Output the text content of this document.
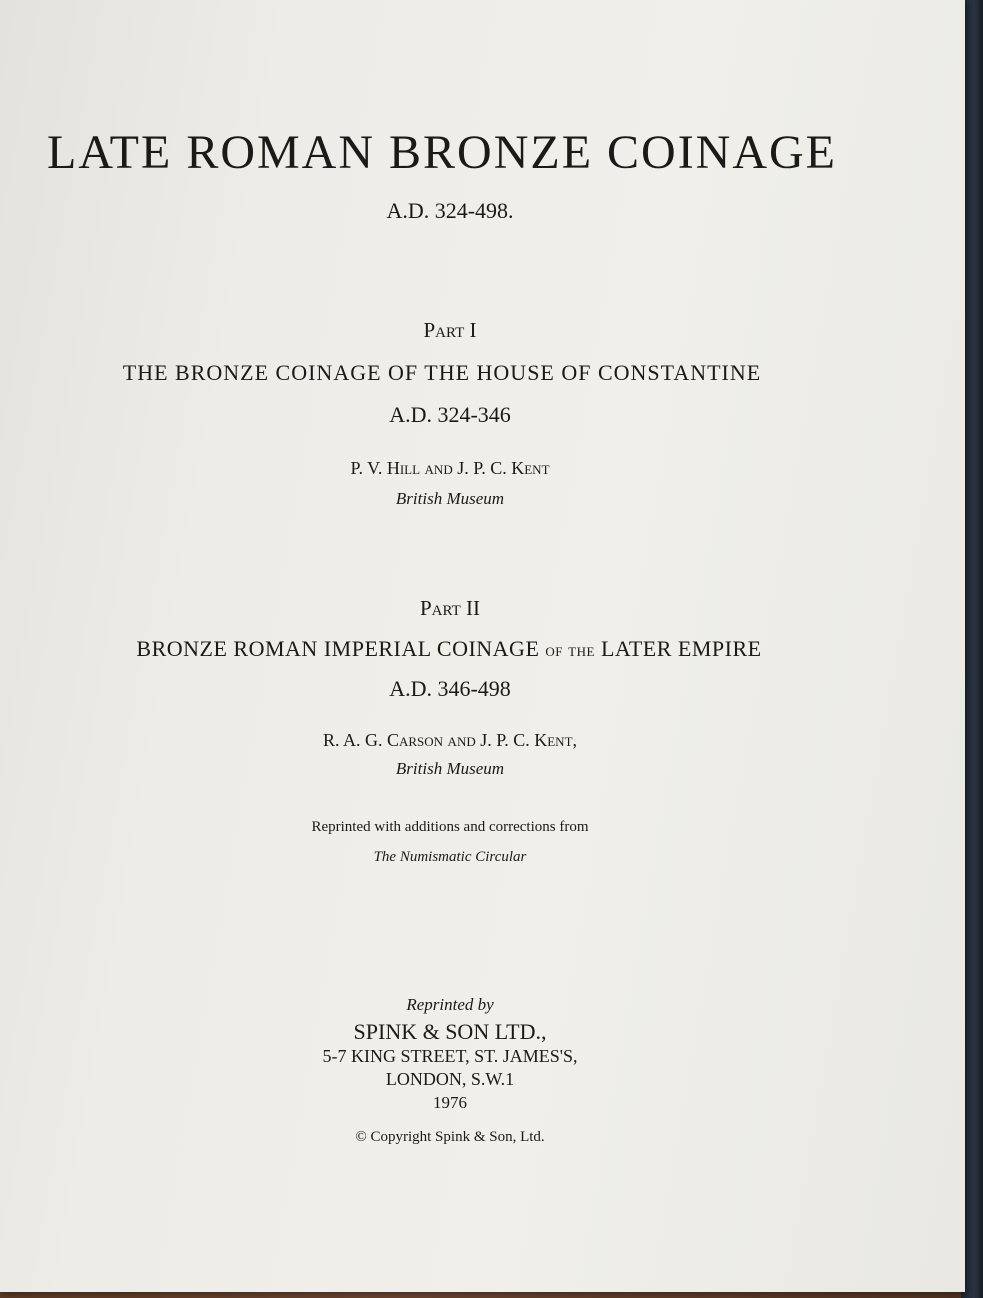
LATE ROMAN BRONZE COINAGE
A.D. 324-498.
Part I
THE BRONZE COINAGE OF THE HOUSE OF CONSTANTINE
A.D. 324-346
P. V. Hill and J. P. C. Kent
British Museum
Part II
BRONZE ROMAN IMPERIAL COINAGE of the LATER EMPIRE
A.D. 346-498
R. A. G. Carson and J. P. C. Kent,
British Museum
Reprinted with additions and corrections from
The Numismatic Circular
Reprinted by
SPINK & SON LTD.,
5-7 KING STREET, ST. JAMES'S,
LONDON, S.W.1
1976
© Copyright Spink & Son, Ltd.
